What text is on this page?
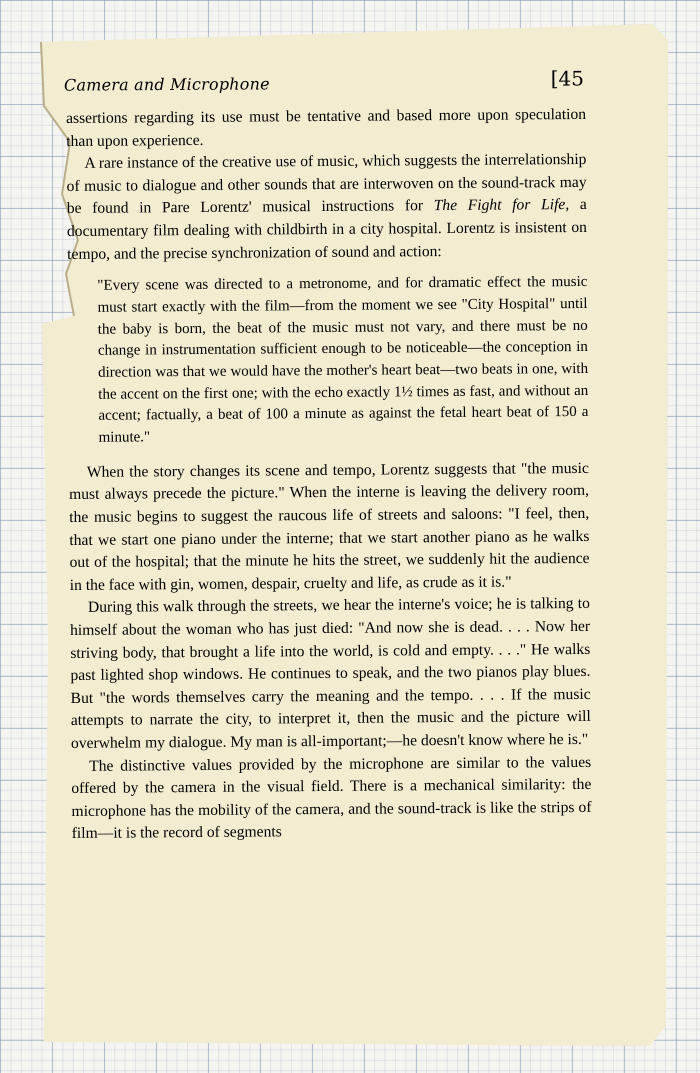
Camera and Microphone	[45

assertions regarding its use must be tentative and based more upon speculation than upon experience.

A rare instance of the creative use of music, which suggests the interrelationship of music to dialogue and other sounds that are interwoven on the sound-track may be found in Pare Lorentz' musical instructions for The Fight for Life, a documentary film dealing with childbirth in a city hospital. Lorentz is insistent on tempo, and the precise synchronization of sound and action:

"Every scene was directed to a metronome, and for dramatic effect the music must start exactly with the film—from the moment we see "City Hospital" until the baby is born, the beat of the music must not vary, and there must be no change in instrumentation sufficient enough to be noticeable—the conception in direction was that we would have the mother's heart beat—two beats in one, with the accent on the first one; with the echo exactly 1½ times as fast, and without an accent; factually, a beat of 100 a minute as against the fetal heart beat of 150 a minute."

When the story changes its scene and tempo, Lorentz suggests that "the music must always precede the picture." When the interne is leaving the delivery room, the music begins to suggest the raucous life of streets and saloons: "I feel, then, that we start one piano under the interne; that we start another piano as he walks out of the hospital; that the minute he hits the street, we suddenly hit the audience in the face with gin, women, despair, cruelty and life, as crude as it is."

During this walk through the streets, we hear the interne's voice; he is talking to himself about the woman who has just died: "And now she is dead. . . . Now her striving body, that brought a life into the world, is cold and empty. . . ." He walks past lighted shop windows. He continues to speak, and the two pianos play blues. But "the words themselves carry the meaning and the tempo. . . . If the music attempts to narrate the city, to interpret it, then the music and the picture will overwhelm my dialogue. My man is all-important;—he doesn't know where he is."

The distinctive values provided by the microphone are similar to the values offered by the camera in the visual field. There is a mechanical similarity: the microphone has the mobility of the camera, and the sound-track is like the strips of film—it is the record of segments
